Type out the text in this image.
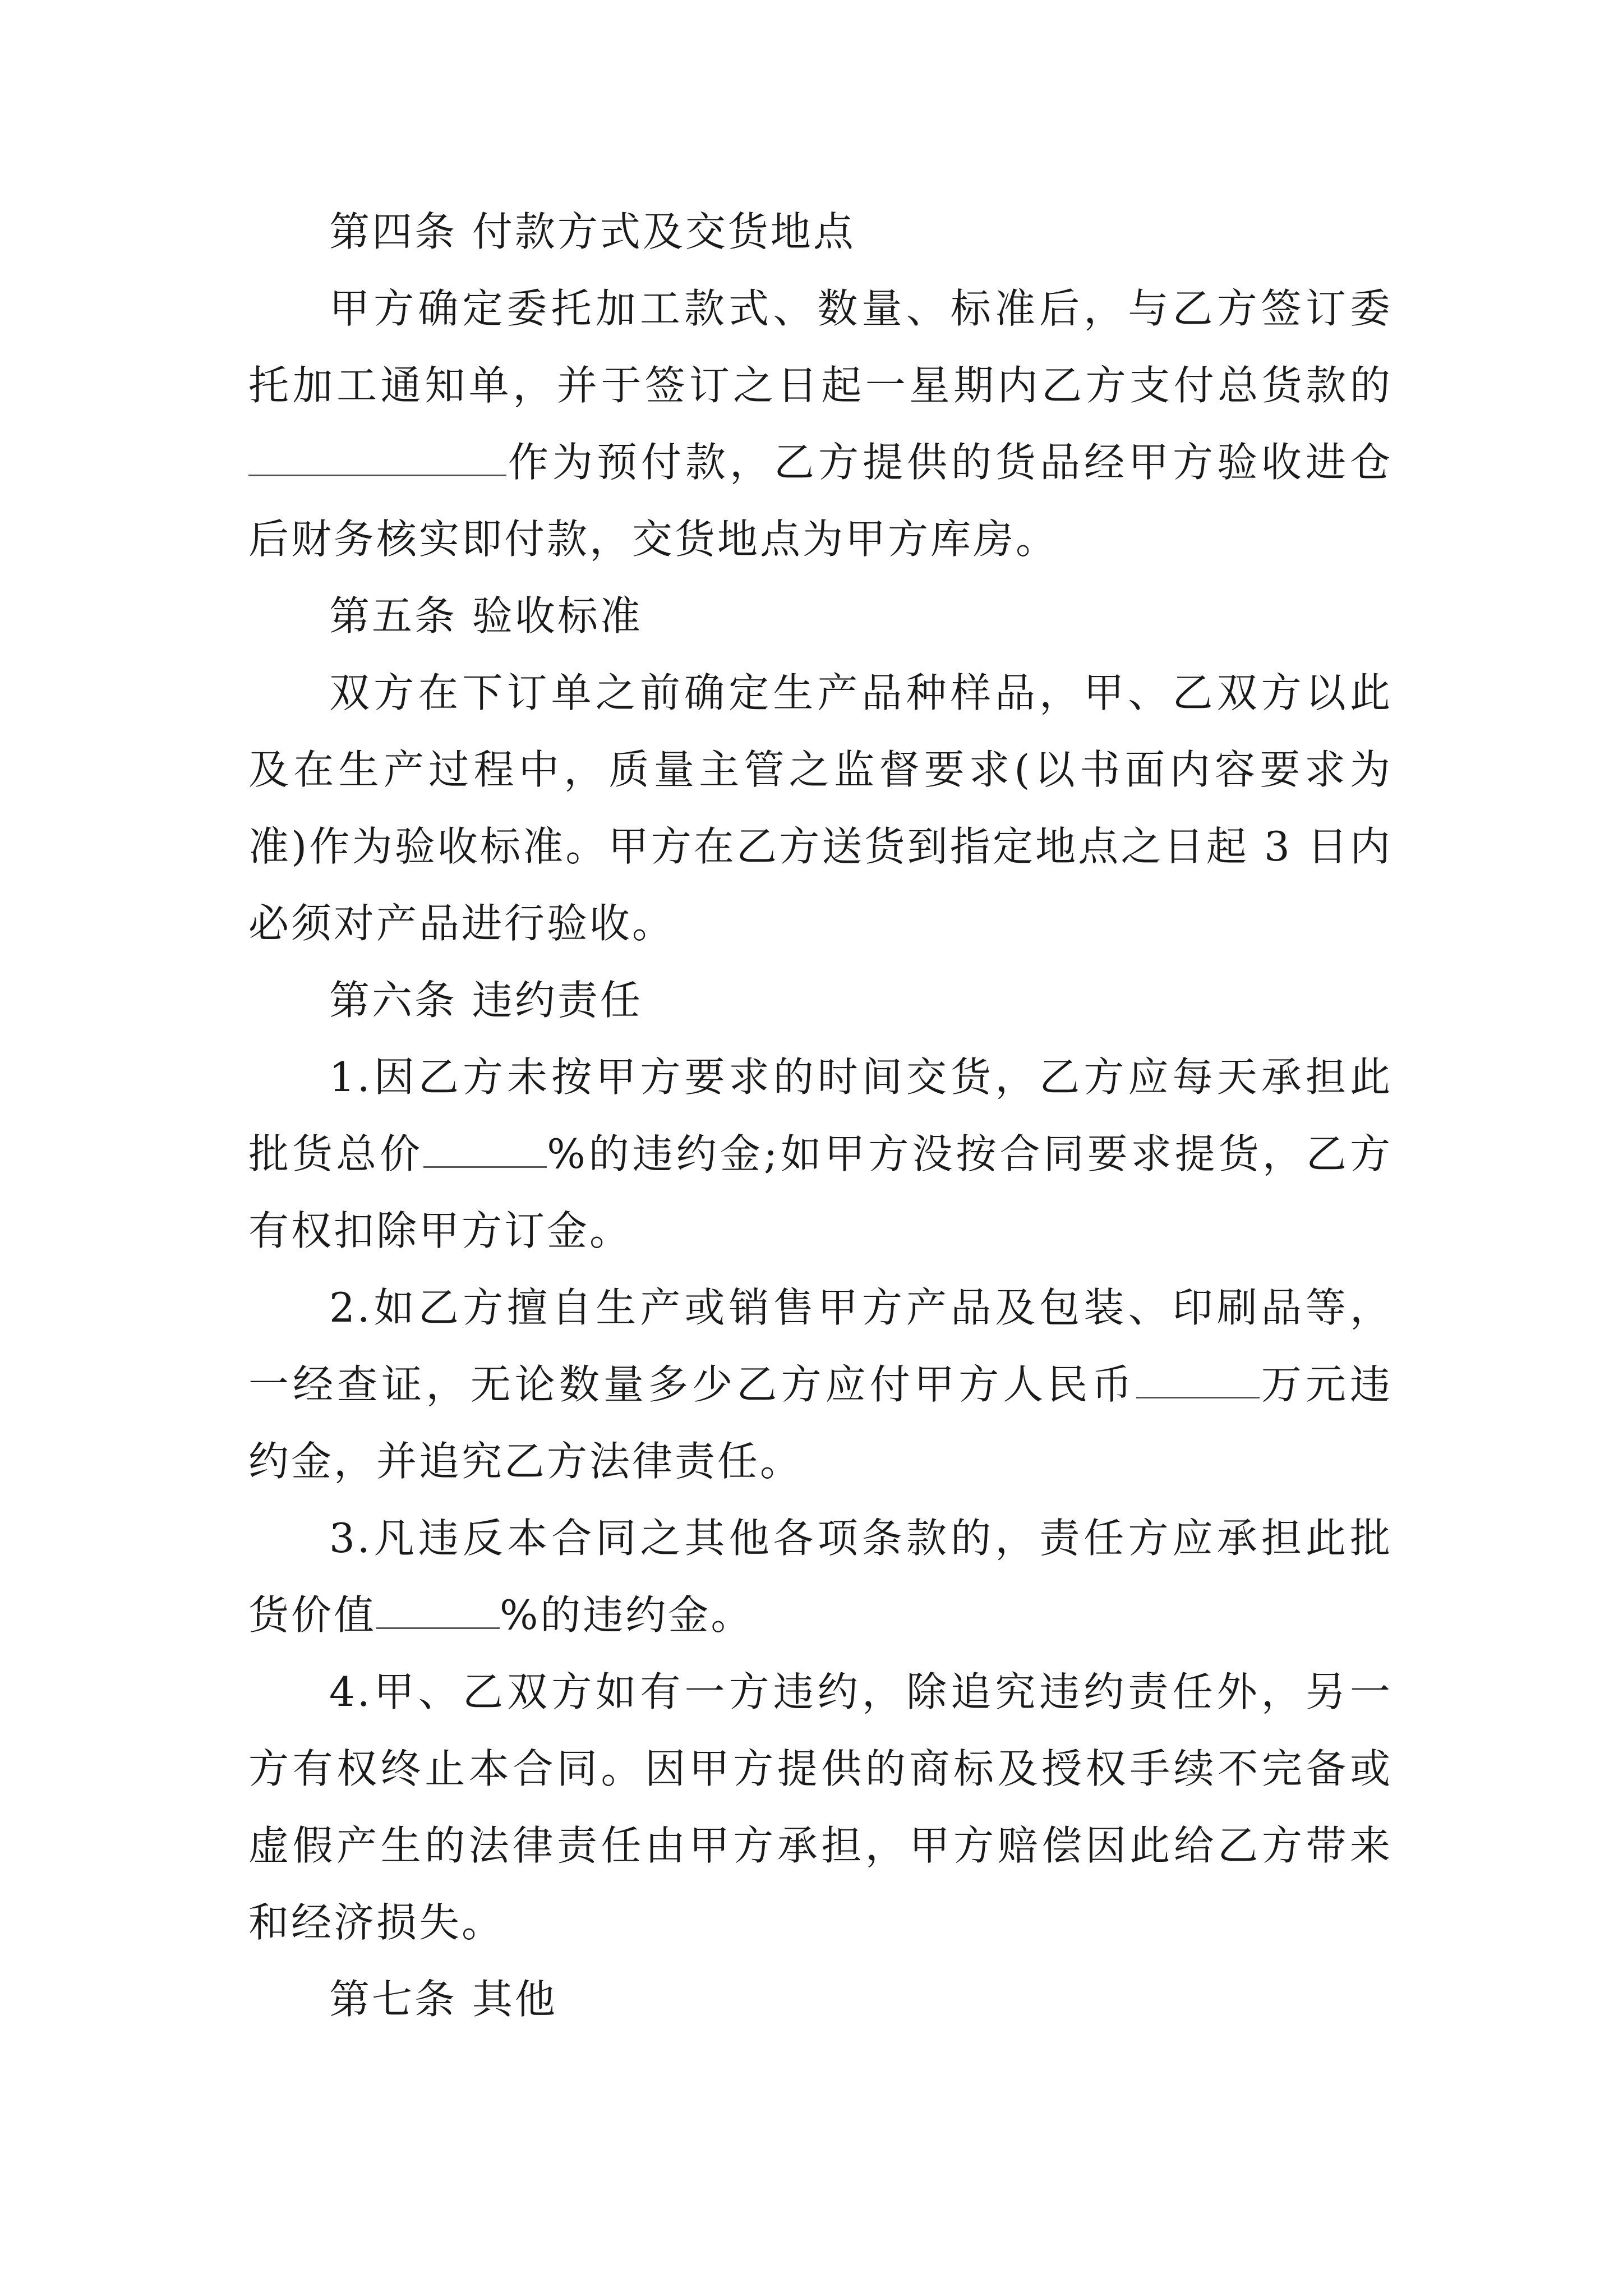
第四条 付款方式及交货地点

甲方确定委托加工款式、数量、标准后，与乙方签订委托加工通知单，并于签订之日起一星期内乙方支付总货款的作为预付款，乙方提供的货品经甲方验收进仓后财务核实即付款，交货地点为甲方库房。

第五条 验收标准

双方在下订单之前确定生产品种样品，甲、乙双方以此及在生产过程中，质量主管之监督要求(以书面内容要求为准)作为验收标准。甲方在乙方送货到指定地点之日起 3 日内必须对产品进行验收。

第六条 违约责任

1.因乙方未按甲方要求的时间交货，乙方应每天承担此批货总价	%的违约金;如甲方没按合同要求提货，乙方有权扣除甲方订金。

2.如乙方擅自生产或销售甲方产品及包装、印刷品等，一经查证，无论数量多少乙方应付甲方人民币	万元违约金，并追究乙方法律责任。

3.凡违反本合同之其他各项条款的，责任方应承担此批货价值	%的违约金。

4.甲、乙双方如有一方违约，除追究违约责任外，另一方有权终止本合同。因甲方提供的商标及授权手续不完备或虚假产生的法律责任由甲方承担，甲方赔偿因此给乙方带来和经济损失。

第七条 其他
